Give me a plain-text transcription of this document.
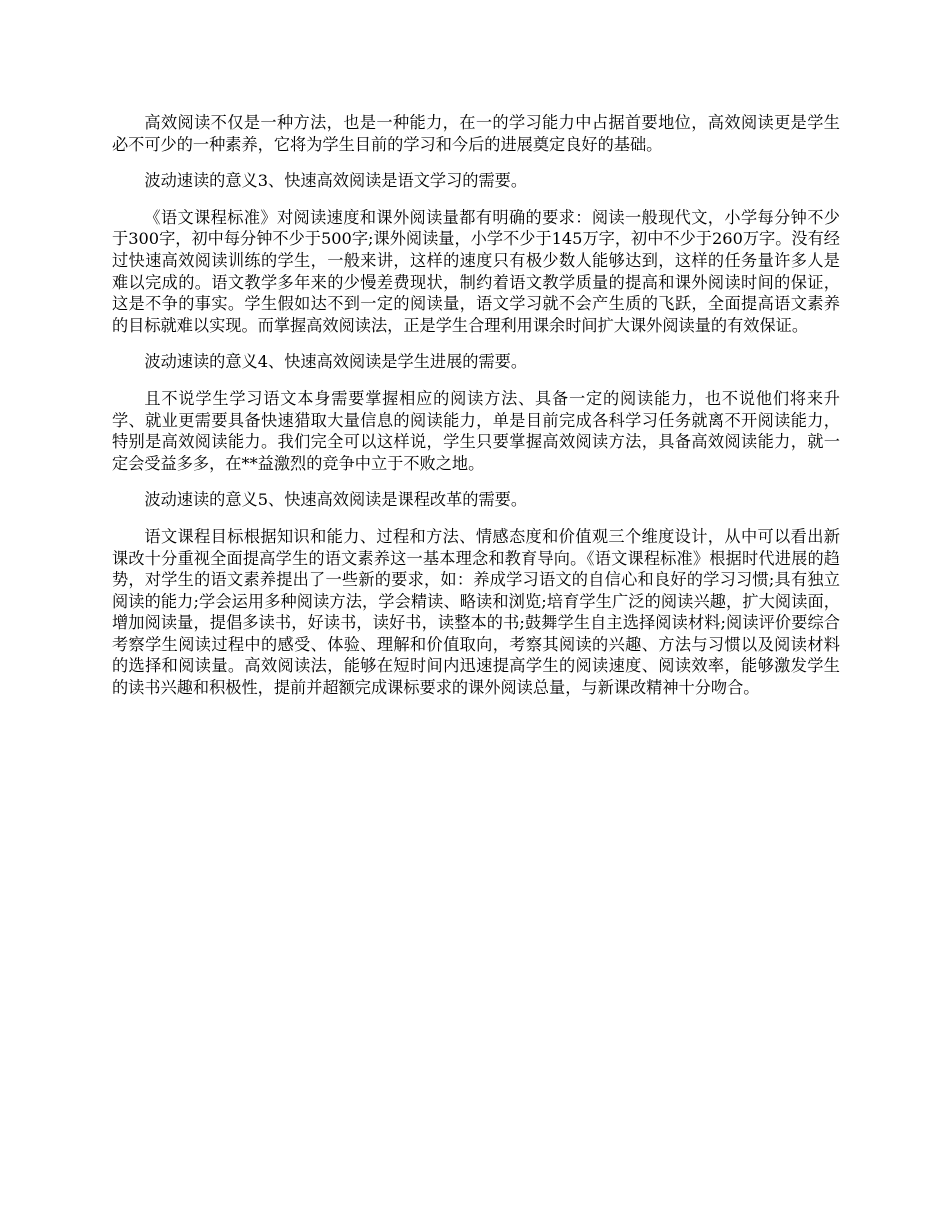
高效阅读不仅是一种方法，也是一种能力，在一的学习能力中占据首要地位，高效阅读更是学生必不可少的一种素养，它将为学生目前的学习和今后的进展奠定良好的基础。

波动速读的意义3、快速高效阅读是语文学习的需要。

《语文课程标准》对阅读速度和课外阅读量都有明确的要求：阅读一般现代文，小学每分钟不少于300字，初中每分钟不少于500字;课外阅读量，小学不少于145万字，初中不少于260万字。没有经过快速高效阅读训练的学生，一般来讲，这样的速度只有极少数人能够达到，这样的任务量许多人是难以完成的。语文教学多年来的少慢差费现状，制约着语文教学质量的提高和课外阅读时间的保证，这是不争的事实。学生假如达不到一定的阅读量，语文学习就不会产生质的飞跃，全面提高语文素养的目标就难以实现。而掌握高效阅读法，正是学生合理利用课余时间扩大课外阅读量的有效保证。

波动速读的意义4、快速高效阅读是学生进展的需要。

且不说学生学习语文本身需要掌握相应的阅读方法、具备一定的阅读能力，也不说他们将来升学、就业更需要具备快速猎取大量信息的阅读能力，单是目前完成各科学习任务就离不开阅读能力，特别是高效阅读能力。我们完全可以这样说，学生只要掌握高效阅读方法，具备高效阅读能力，就一定会受益多多，在**益激烈的竞争中立于不败之地。

波动速读的意义5、快速高效阅读是课程改革的需要。

语文课程目标根据知识和能力、过程和方法、情感态度和价值观三个维度设计，从中可以看出新课改十分重视全面提高学生的语文素养这一基本理念和教育导向。《语文课程标准》根据时代进展的趋势，对学生的语文素养提出了一些新的要求，如：养成学习语文的自信心和良好的学习习惯;具有独立阅读的能力;学会运用多种阅读方法，学会精读、略读和浏览;培育学生广泛的阅读兴趣，扩大阅读面，增加阅读量，提倡多读书，好读书，读好书，读整本的书;鼓舞学生自主选择阅读材料;阅读评价要综合考察学生阅读过程中的感受、体验、理解和价值取向，考察其阅读的兴趣、方法与习惯以及阅读材料的选择和阅读量。高效阅读法，能够在短时间内迅速提高学生的阅读速度、阅读效率，能够激发学生的读书兴趣和积极性，提前并超额完成课标要求的课外阅读总量，与新课改精神十分吻合。
